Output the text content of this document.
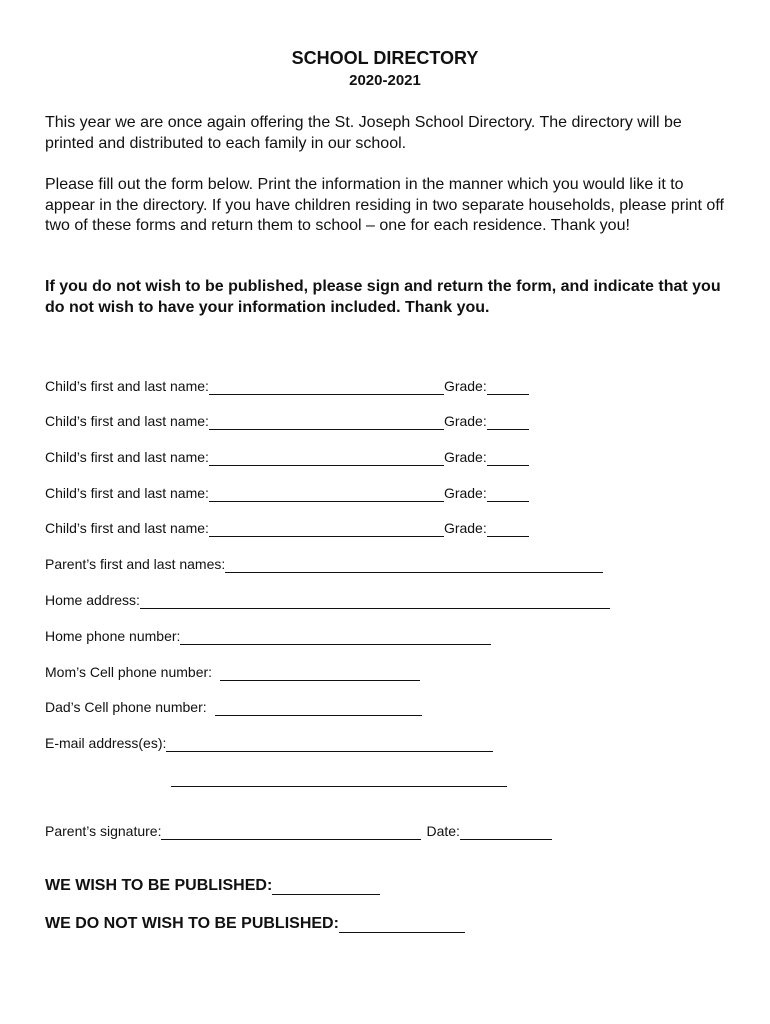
SCHOOL DIRECTORY
2020-2021
This year we are once again offering the St. Joseph School Directory. The directory will be printed and distributed to each family in our school.
Please fill out the form below. Print the information in the manner which you would like it to appear in the directory. If you have children residing in two separate households, please print off two of these forms and return them to school – one for each residence. Thank you!
If you do not wish to be published, please sign and return the form, and indicate that you do not wish to have your information included. Thank you.
Child’s first and last name:	Grade:
Child’s first and last name:	Grade:
Child’s first and last name:	Grade:
Child’s first and last name:	Grade:
Child’s first and last name:	Grade:
Parent’s first and last names:
Home address:
Home phone number:
Mom’s Cell phone number:
Dad’s Cell phone number:
E-mail address(es):
Parent’s signature:	Date:
WE WISH TO BE PUBLISHED:
WE DO NOT WISH TO BE PUBLISHED:
